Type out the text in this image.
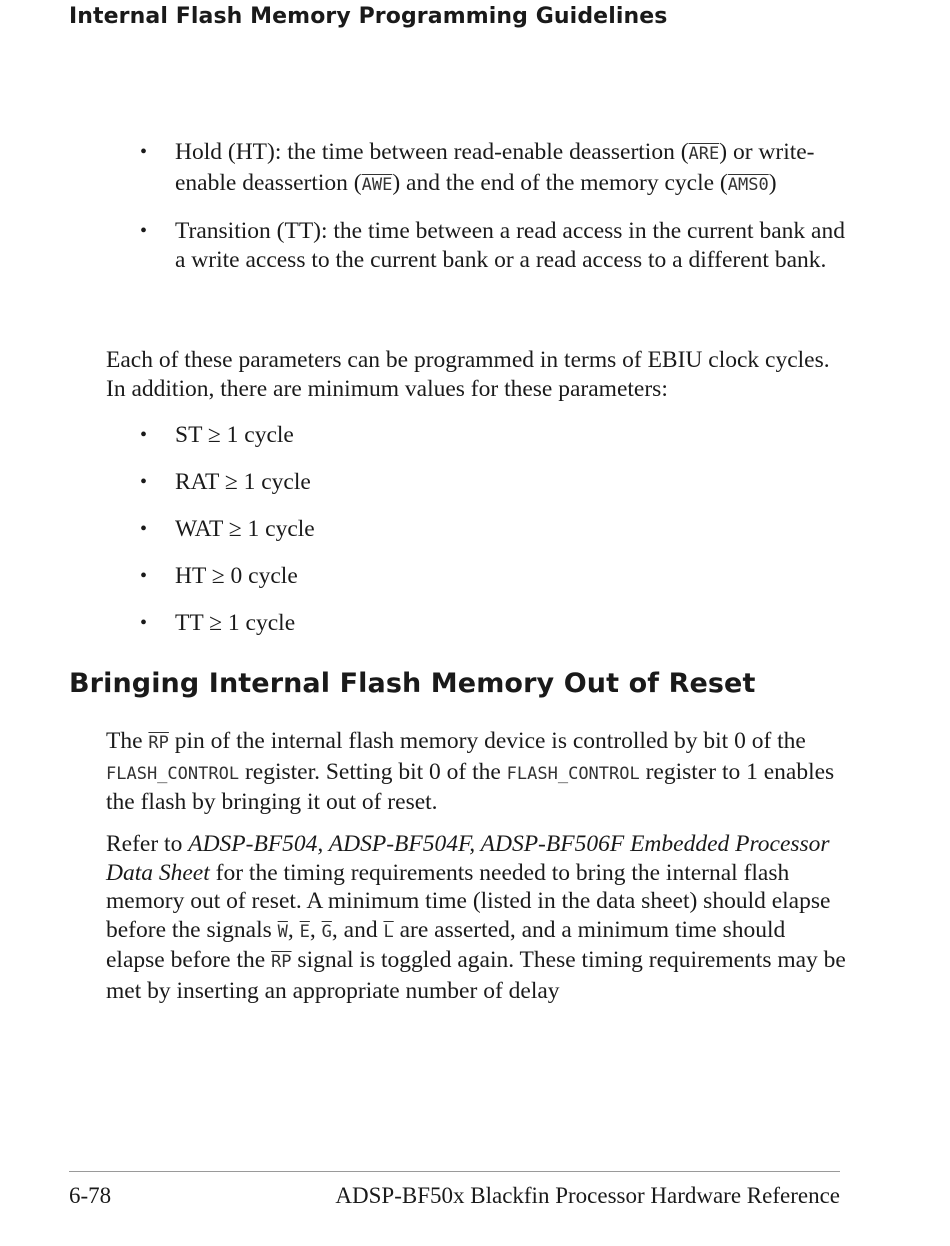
Internal Flash Memory Programming Guidelines
• Hold (HT): the time between read-enable deassertion $(\overline{ARE})$ or write-enable deassertion $(\overline{AWE})$ and the end of the memory cycle (AMS0)
• Transition (TT): the time between a read access in the current bank and a write access to the current bank or a read access to a different bank.

Each of these parameters can be programmed in terms of EBIU clock cycles. In addition, there are minimum values for these parameters:

• ST ≥ 1 cycle
• RAT ≥ 1 cycle
• WAT ≥ 1 cycle
• HT ≥ 0 cycle
• TT ≥ 1 cycle
Bringing Internal Flash Memory Out of Reset

The $\overline{RP}$ pin of the internal flash memory device is controlled by bit 0 of the FLASH_CONTROL register. Setting bit 0 of the FLASH_CONTROL register to 1 enables the flash by bringing it out of reset.

Refer to ADSP-BF504, ADSP-BF504F, ADSP-BF506F Embedded Processor Data Sheet for the timing requirements needed to bring the internal flash memory out of reset. A minimum time (listed in the data sheet) should elapse before the signals $\overline{W}$, $\overline{E}$, $\overline{G}$, and $\overline{L}$ are asserted, and a minimum time should elapse before the $\overline{RP}$ signal is toggled again. These timing requirements may be met by inserting an appropriate number of delay

6-78	ADSP-BF50x Blackfin Processor Hardware Reference
